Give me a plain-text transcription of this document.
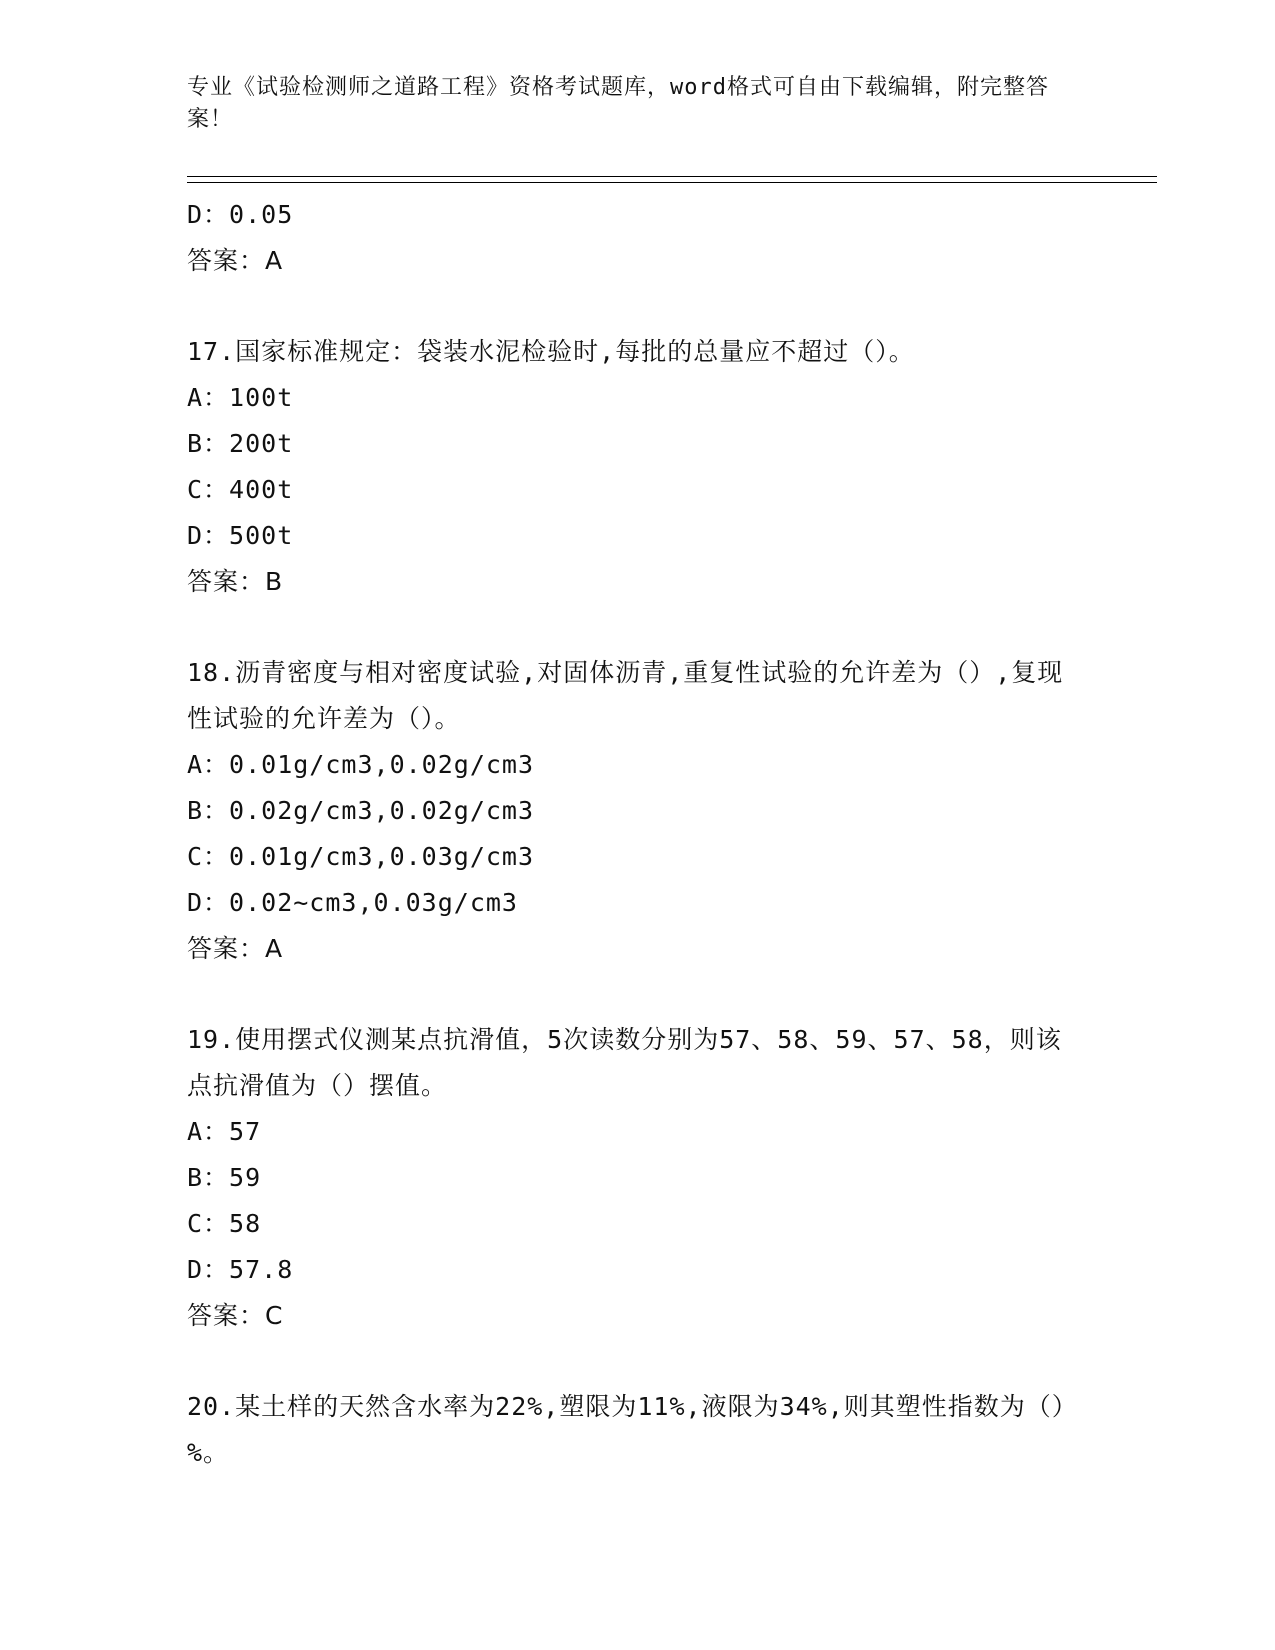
专业《试验检测师之道路工程》资格考试题库，word格式可自由下载编辑，附完整答案！
D：0.05
答案：A
17.国家标准规定：袋装水泥检验时,每批的总量应不超过（）。
A：100t
B：200t
C：400t
D：500t
答案：B
18.沥青密度与相对密度试验,对固体沥青,重复性试验的允许差为（）,复现性试验的允许差为（）。
A：0.01g/cm3,0.02g/cm3
B：0.02g/cm3,0.02g/cm3
C：0.01g/cm3,0.03g/cm3
D：0.02~cm3,0.03g/cm3
答案：A
19.使用摆式仪测某点抗滑值，5次读数分别为57、58、59、57、58，则该点抗滑值为（）摆值。
A：57
B：59
C：58
D：57.8
答案：C
20.某土样的天然含水率为22%,塑限为11%,液限为34%,则其塑性指数为（）%。
